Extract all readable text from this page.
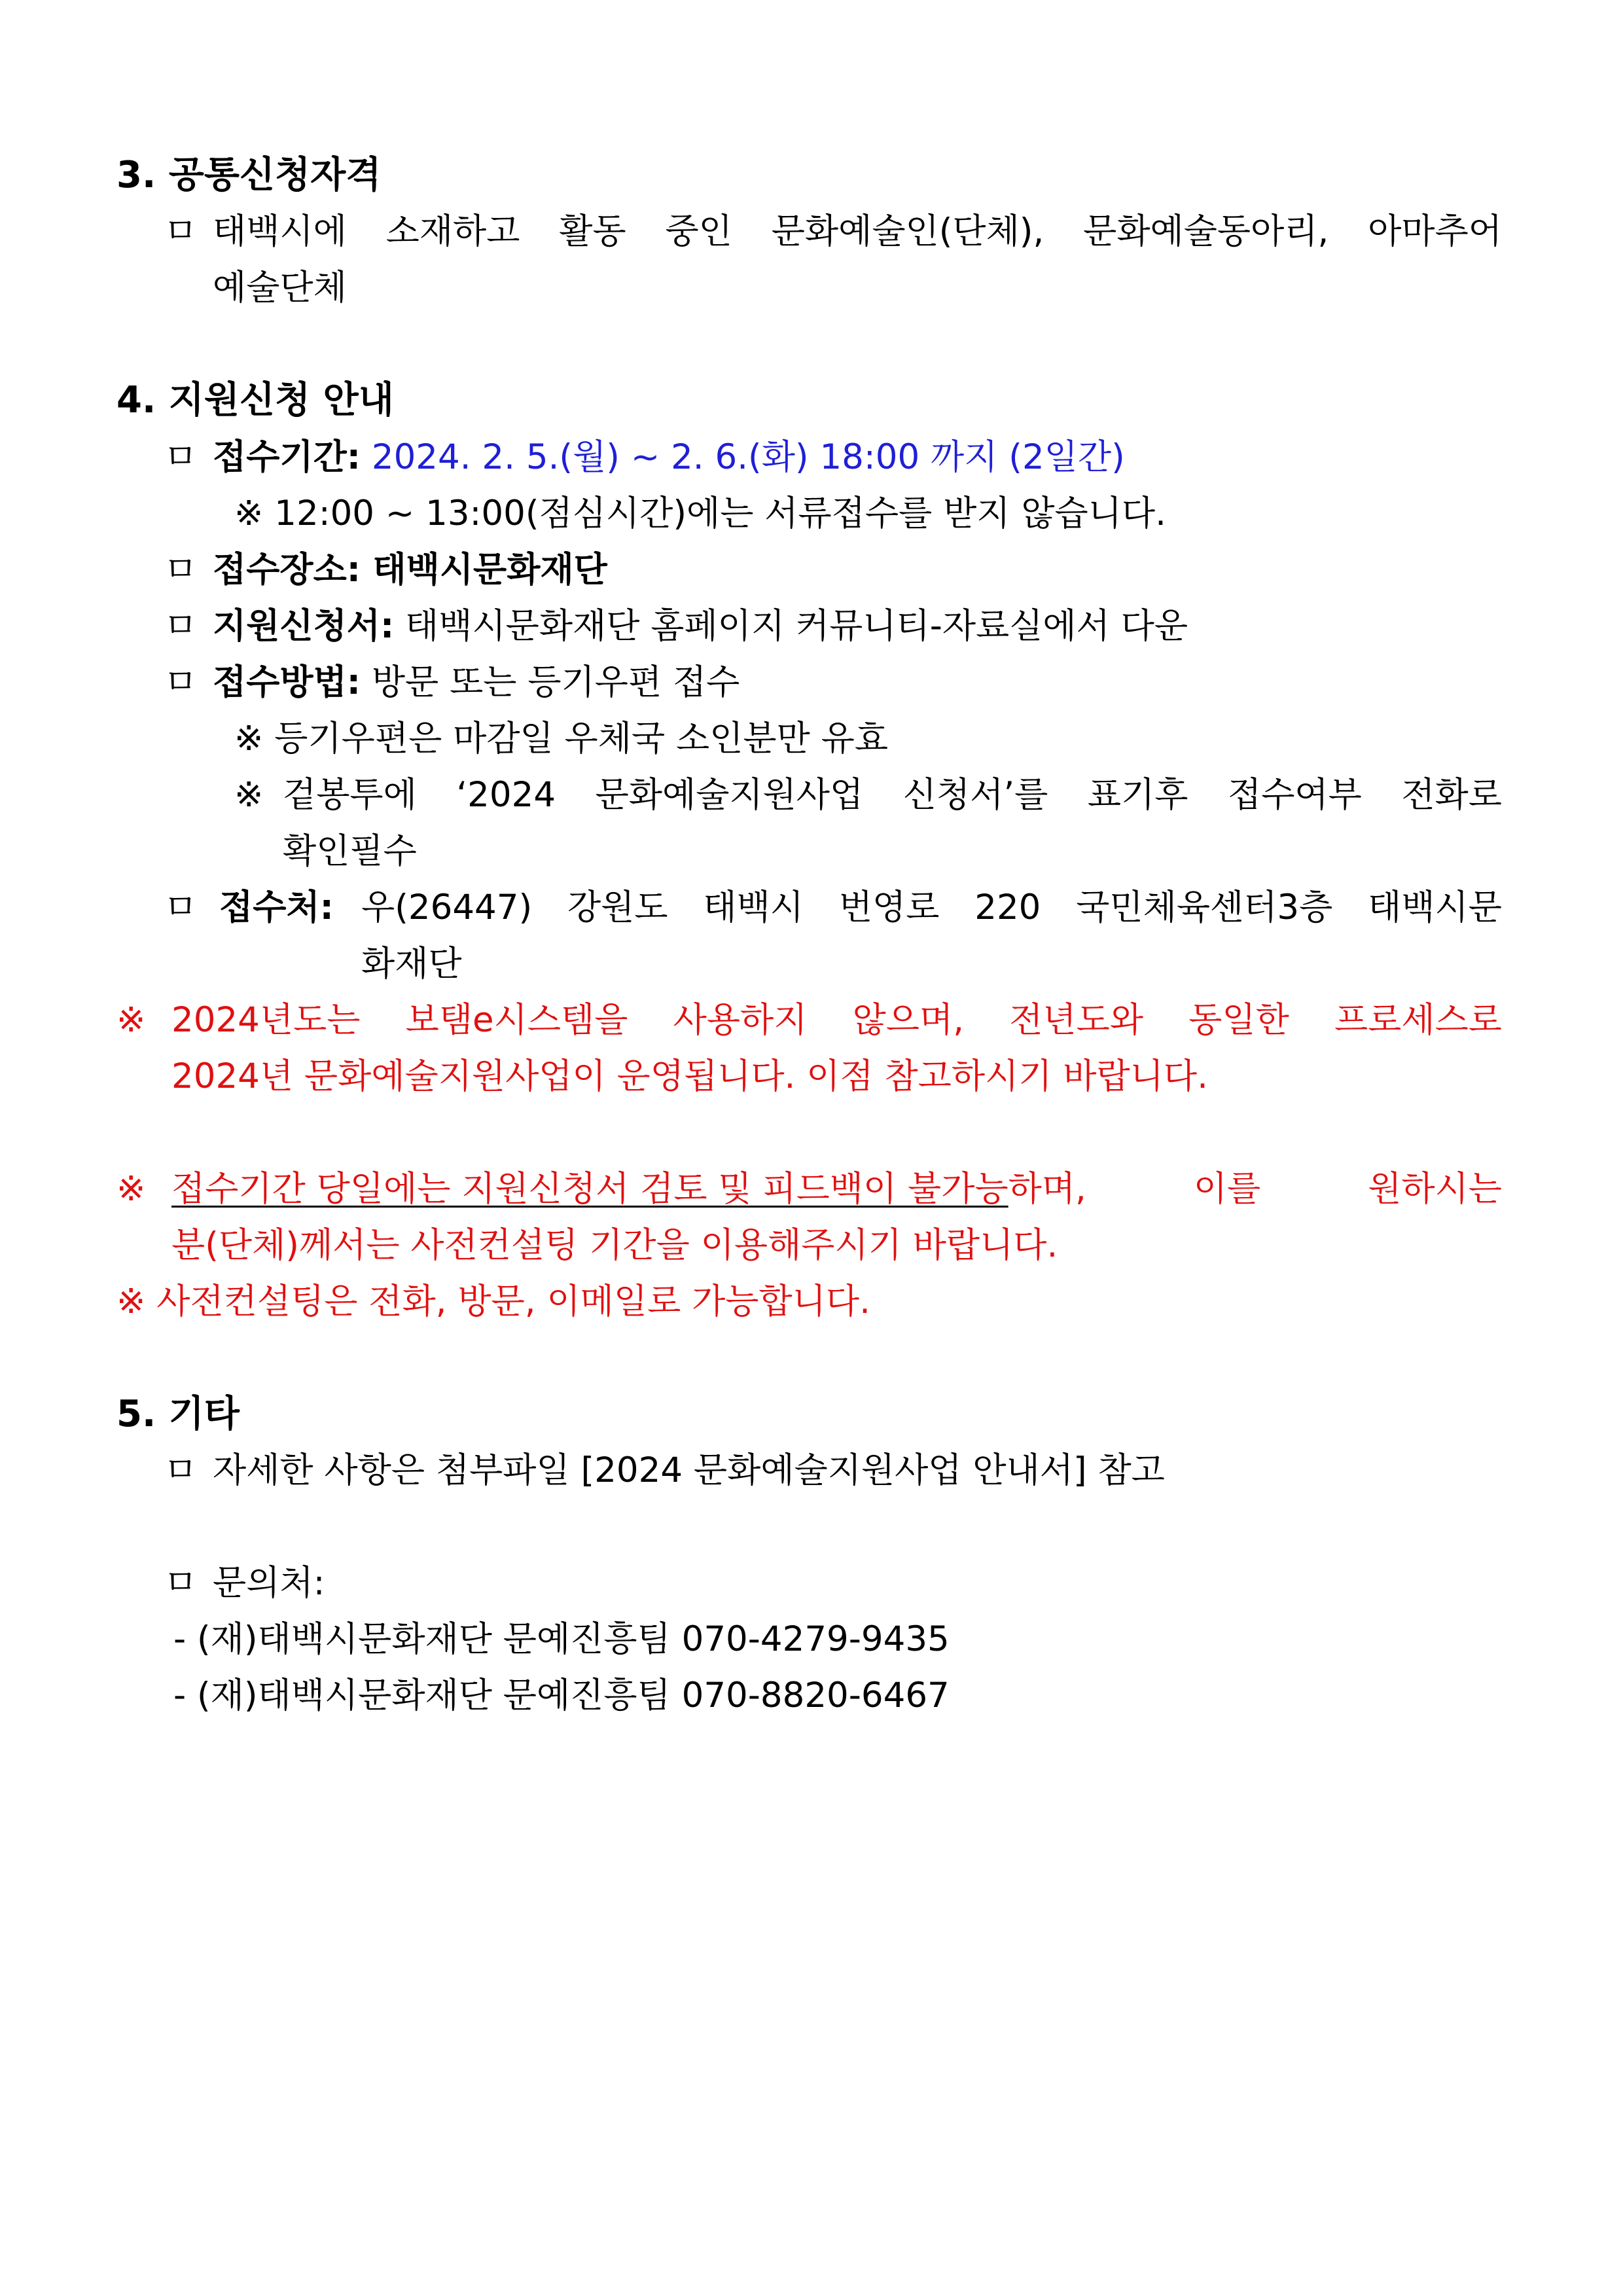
3. 공통신청자격
ㅁ 태백시에 소재하고 활동 중인 문화예술인(단체), 문화예술동아리, 아마추어
예술단체
4. 지원신청 안내
ㅁ 접수기간: 2024. 2. 5.(월) ~ 2. 6.(화) 18:00 까지 (2일간)
※ 12:00 ~ 13:00(점심시간)에는 서류접수를 받지 않습니다.
ㅁ 접수장소: 태백시문화재단
ㅁ 지원신청서: 태백시문화재단 홈페이지 커뮤니티-자료실에서 다운
ㅁ 접수방법: 방문 또는 등기우편 접수
※ 등기우편은 마감일 우체국 소인분만 유효
※ 겉봉투에 ‘2024 문화예술지원사업 신청서’를 표기후 접수여부 전화로
확인필수
ㅁ 접수처: 우(26447) 강원도 태백시 번영로 220 국민체육센터3층 태백시문
화재단
※ 2024년도는 보탬e시스템을 사용하지 않으며, 전년도와 동일한 프로세스로
2024년 문화예술지원사업이 운영됩니다. 이점 참고하시기 바랍니다.
※ 접수기간 당일에는 지원신청서 검토 및 피드백이 불가능 하며,	이를	원하시는
분(단체)께서는 사전컨설팅 기간을 이용해주시기 바랍니다.
※ 사전컨설팅은 전화, 방문, 이메일로 가능합니다.
5. 기타
ㅁ 자세한 사항은 첨부파일 [2024 문화예술지원사업 안내서] 참고
ㅁ 문의처:
- (재)태백시문화재단 문예진흥팀 070-4279-9435
- (재)태백시문화재단 문예진흥팀 070-8820-6467
